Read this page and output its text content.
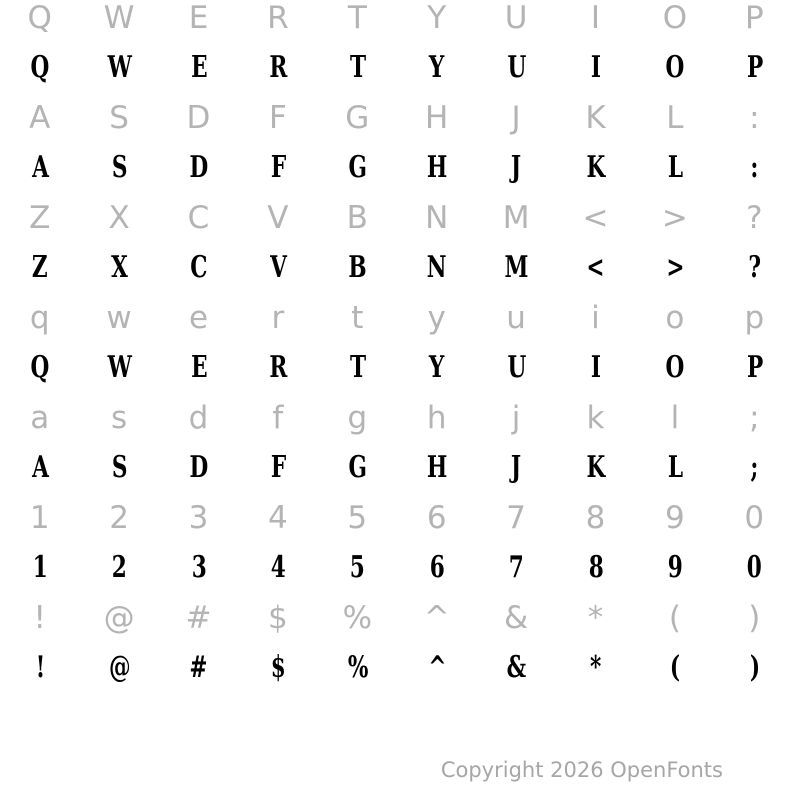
Q W E R T Y U I O P
Q W E R T Y U I O P
A S D F G H J K L :
A S D F G H J K L :
Z X C V B N M < > ?
Z X C V B N M < > ?
q w e r t y u i o p
Q W E R T Y U I O P
a s d f g h j k l ;
A S D F G H J K L ;
1 2 3 4 5 6 7 8 9 0
1 2 3 4 5 6 7 8 9 0
! @ # $ % ^ & * ( )
! @ # $ % ^ & * ( )
Copyright 2026 OpenFonts
